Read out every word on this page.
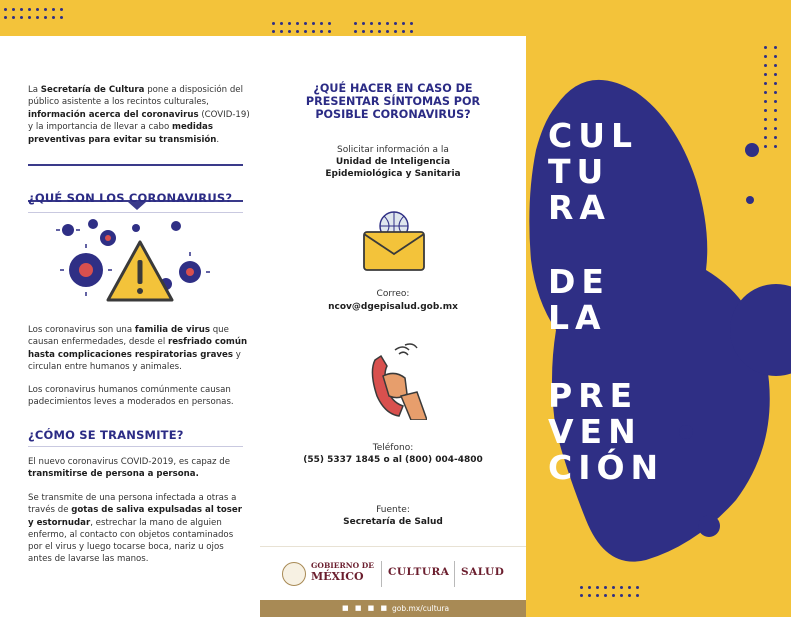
La Secretaría de Cultura pone a disposición del público asistente a los recintos culturales, información acerca del coronavirus (COVID-19) y la importancia de llevar a cabo medidas preventivas para evitar su transmisión.

¿QUÉ SON LOS CORONAVIRUS?

Los coronavirus son una familia de virus que causan enfermedades, desde el resfriado común hasta complicaciones respiratorias graves y circulan entre humanos y animales.

Los coronavirus humanos comúnmente causan padecimientos leves a moderados en personas.

¿CÓMO SE TRANSMITE?

El nuevo coronavirus COVID-2019, es capaz de transmitirse de persona a persona.

Se transmite de una persona infectada a otras a través de gotas de saliva expulsadas al toser y estornudar, estrechar la mano de alguien enfermo, al contacto con objetos contaminados por el virus y luego tocarse boca, nariz u ojos antes de lavarse las manos.

¿QUÉ HACER EN CASO DE PRESENTAR SÍNTOMAS POR POSIBLE CORONAVIRUS?

Solicitar información a la

Unidad de Inteligencia

Epidemiológica y Sanitaria

Correo:

ncov@dgepisalud.gob.mx

Teléfono:

(55) 5337 1845 o al (800) 004-4800

Fuente:

Secretaría de Salud

GOBIERNO DE
MÉXICO	CULTURA SALUD
■ ■ ■ ■ gob.mx/cultura
CUL
TU
RA
DE
LA
PRE
VEN
CIÓN
